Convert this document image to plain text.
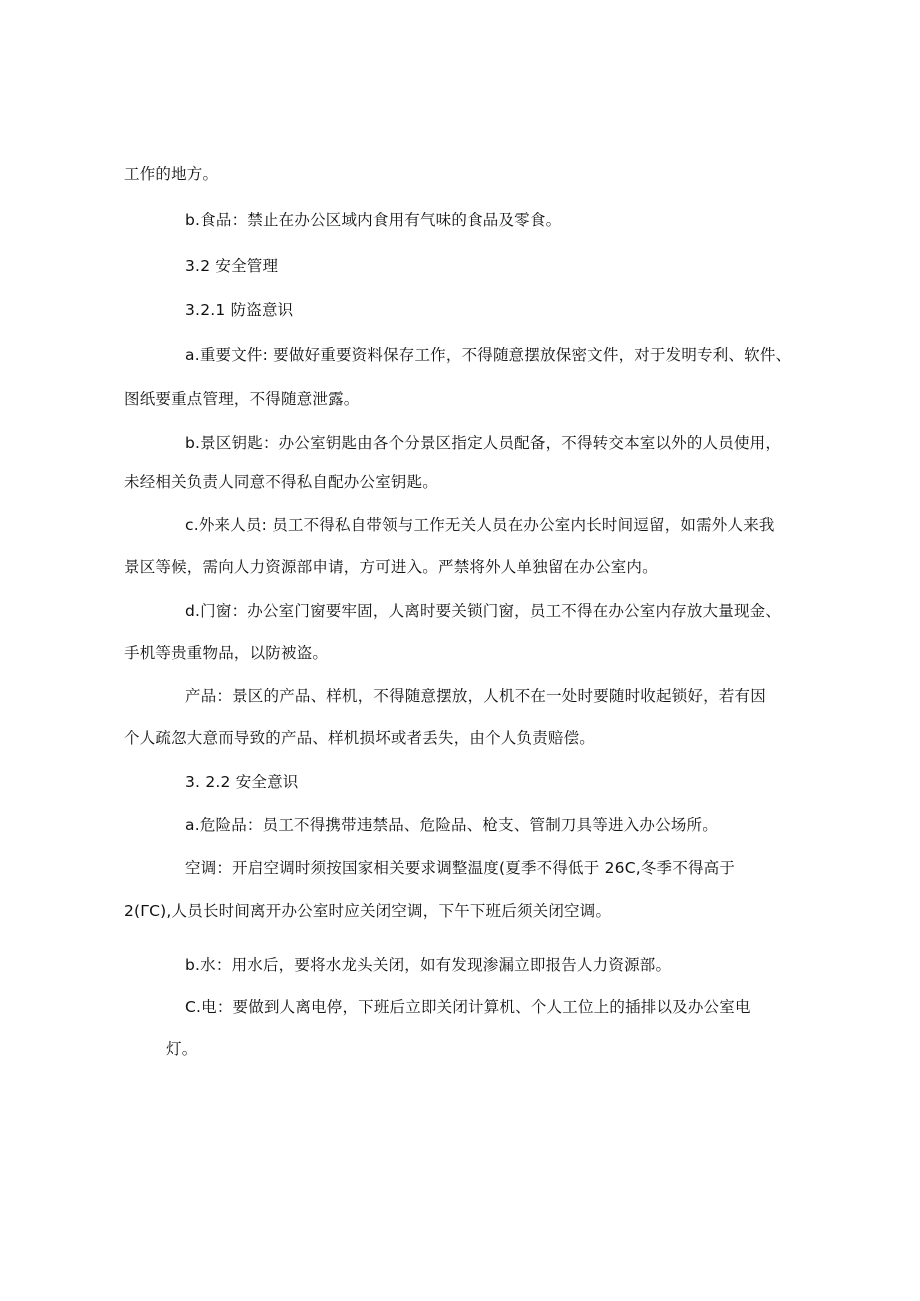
工作的地方。
b.食品：禁止在办公区域内食用有气味的食品及零食。
3.2 安全管理
3.2.1 防盗意识
a.重要文件: 要做好重要资料保存工作，不得随意摆放保密文件，对于发明专利、软件、
图纸要重点管理，不得随意泄露。
b.景区钥匙：办公室钥匙由各个分景区指定人员配备，不得转交本室以外的人员使用，
未经相关负责人同意不得私自配办公室钥匙。
c.外来人员: 员工不得私自带领与工作无关人员在办公室内长时间逗留，如需外人来我
景区等候，需向人力资源部申请，方可进入。严禁将外人单独留在办公室内。
d.门窗：办公室门窗要牢固，人离时要关锁门窗，员工不得在办公室内存放大量现金、
手机等贵重物品，以防被盗。
产品：景区的产品、样机，不得随意摆放，人机不在一处时要随时收起锁好，若有因
个人疏忽大意而导致的产品、样机损坏或者丢失，由个人负责赔偿。
3. 2.2 安全意识
a.危险品：员工不得携带违禁品、危险品、枪支、管制刀具等进入办公场所。
空调：开启空调时须按国家相关要求调整温度(夏季不得低于 26C,冬季不得高于
2(ΓC),人员长时间离开办公室时应关闭空调，下午下班后须关闭空调。
b.水：用水后，要将水龙头关闭，如有发现渗漏立即报告人力资源部。
C.电：要做到人离电停，下班后立即关闭计算机、个人工位上的插排以及办公室电
灯。
